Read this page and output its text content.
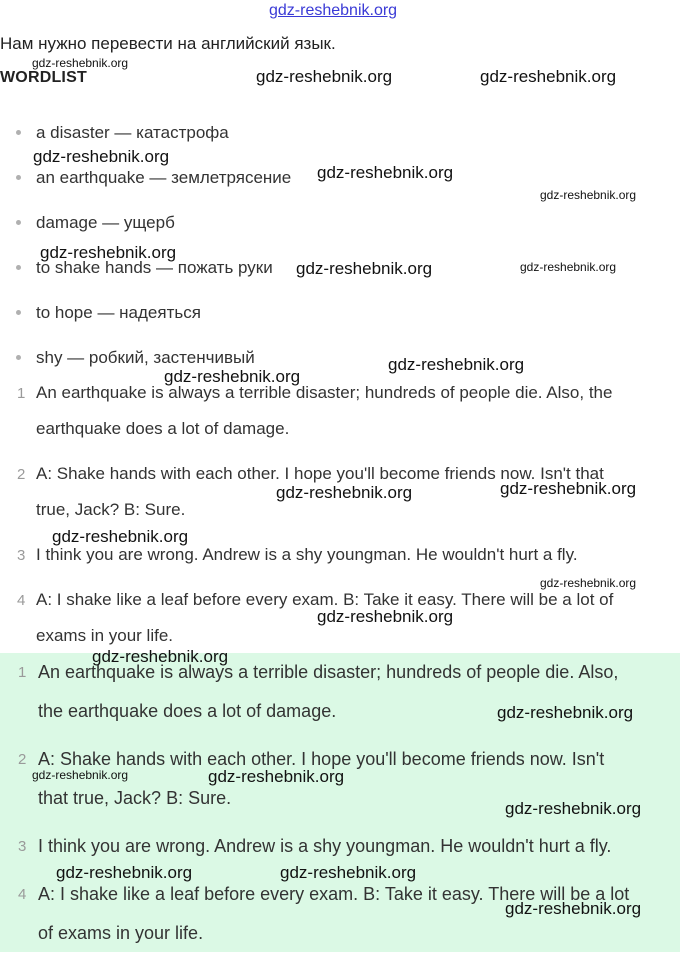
gdz-reshebnik.org
Нам нужно перевести на английский язык.
WORDLIST
a disaster — катастрофа
an earthquake — землетрясение
damage — ущерб
to shake hands — пожать руки
to hope — надеяться
shy — робкий, застенчивый
1 An earthquake is always a terrible disaster; hundreds of people die. Also, the
earthquake does a lot of damage.
2 A: Shake hands with each other. I hope you'll become friends now. Isn't that
true, Jack? B: Sure.
3 I think you are wrong. Andrew is a shy youngman. He wouldn't hurt a fly.
4 A: I shake like a leaf before every exam. B: Take it easy. There will be a lot of
exams in your life.
1 An earthquake is always a terrible disaster; hundreds of people die. Also,
the earthquake does a lot of damage.
2 A: Shake hands with each other. I hope you'll become friends now. Isn't
that true, Jack? B: Sure.
3 I think you are wrong. Andrew is a shy youngman. He wouldn't hurt a fly.
4 A: I shake like a leaf before every exam. B: Take it easy. There will be a lot
of exams in your life.
gdz-reshebnik.org
gdz-reshebnik.org	gdz-reshebnik.org
gdz-reshebnik.org
gdz-reshebnik.org
gdz-reshebnik.org
gdz-reshebnik.org
gdz-reshebnik.org	gdz-reshebnik.org
gdz-reshebnik.org
gdz-reshebnik.org
gdz-reshebnik.org	gdz-reshebnik.org
gdz-reshebnik.org
gdz-reshebnik.org
gdz-reshebnik.org
gdz-reshebnik.org
gdz-reshebnik.org
gdz-reshebnik.org	gdz-reshebnik.org
gdz-reshebnik.org
gdz-reshebnik.org	gdz-reshebnik.org
gdz-reshebnik.org
